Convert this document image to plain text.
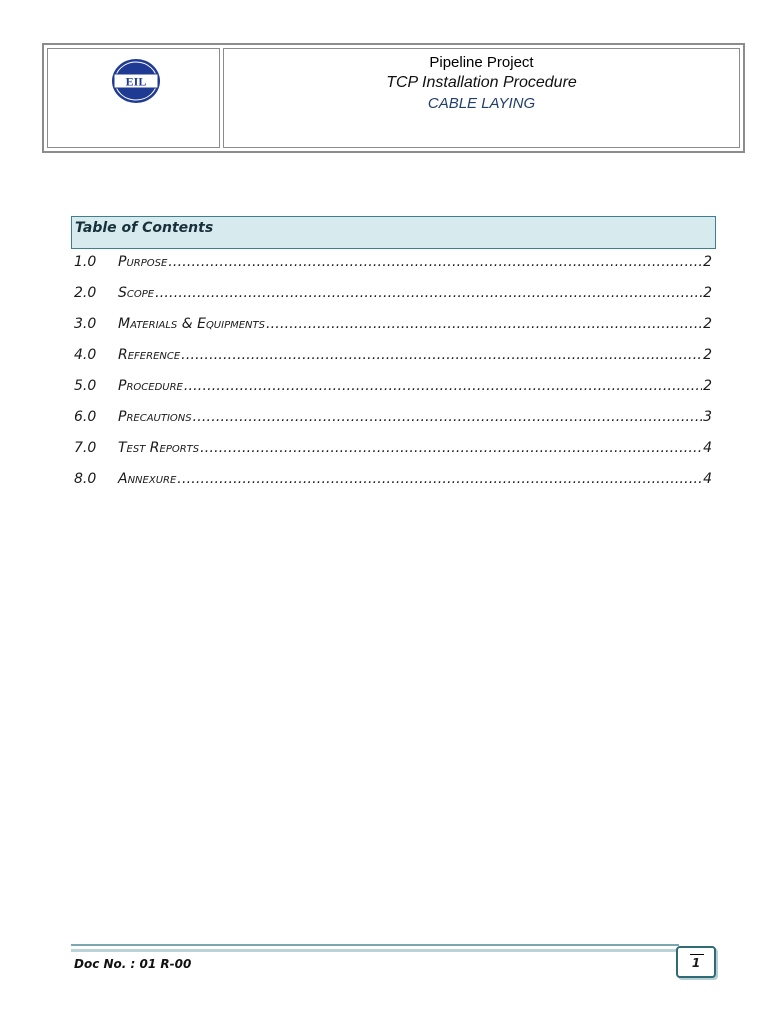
EIL
Pipeline Project
TCP Installation Procedure
CABLE LAYING
Table of Contents
1.0	Purpose .....	2
2.0	Scope .....	2
3.0	Materials & Equipments .....	2
4.0	Reference .....	2
5.0	Procedure .....	2
6.0	Precautions .....	3
7.0	Test Reports .....	4
8.0	Annexure .....	4
Doc No. : 01 R-00	1
